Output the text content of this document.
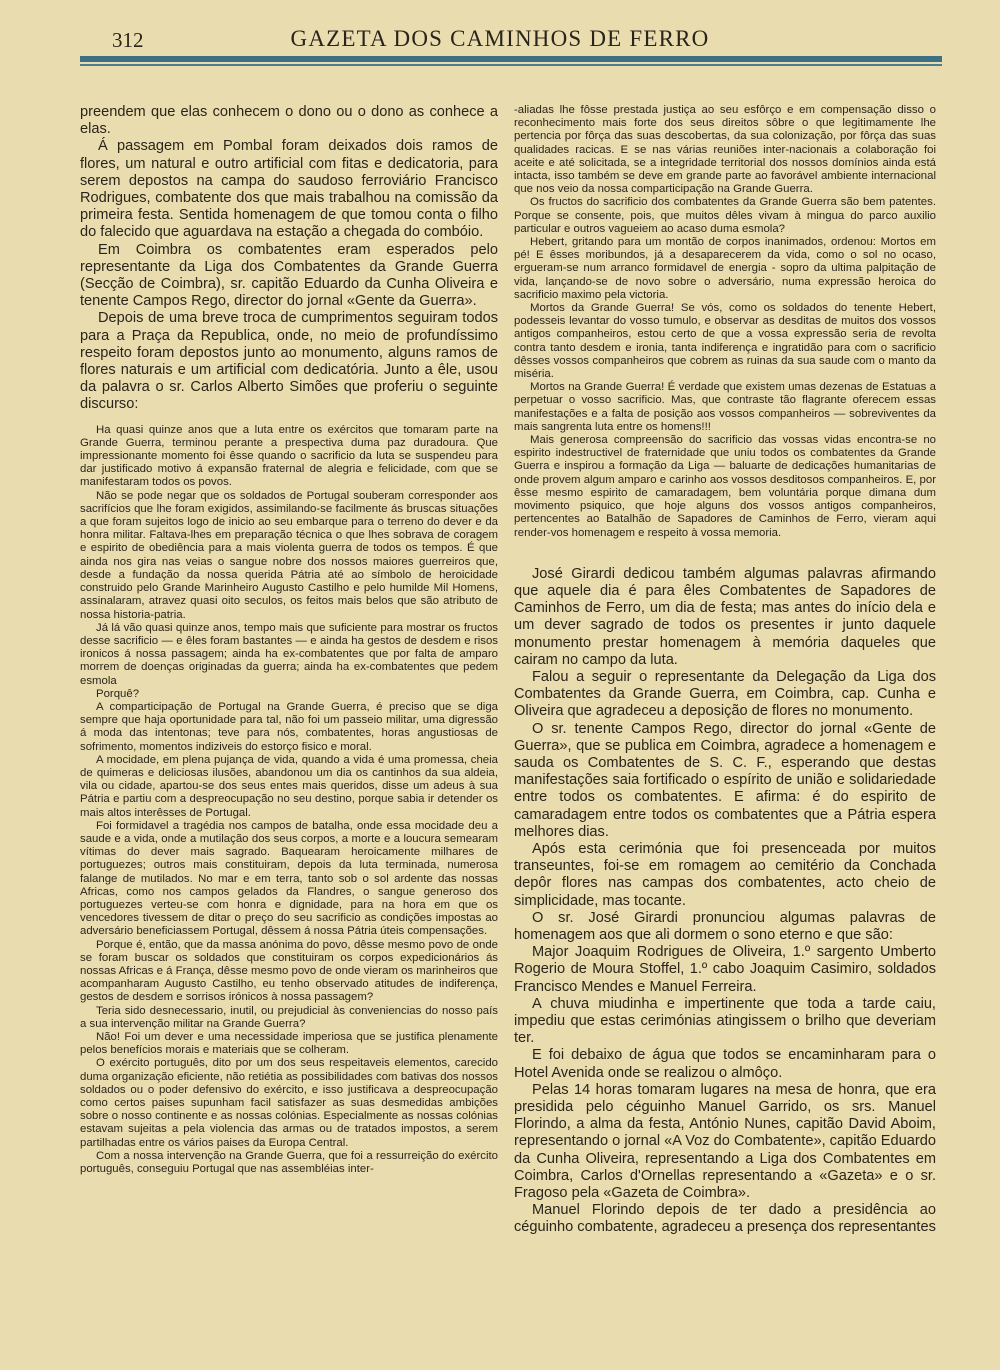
312	GAZETA DOS CAMINHOS DE FERRO

preendem que elas conhecem o dono ou o dono as conhece a elas.

Á passagem em Pombal foram deixados dois ramos de flores, um natural e outro artificial com fitas e dedicatoria, para serem depostos na campa do saudoso ferroviário Francisco Rodrigues, combatente dos que mais trabalhou na comissão da primeira festa. Sentida homenagem de que tomou conta o filho do falecido que aguardava na estação a chegada do combóio.

Em Coimbra os combatentes eram esperados pelo representante da Liga dos Combatentes da Grande Guerra (Secção de Coimbra), sr. capitão Eduardo da Cunha Oliveira e tenente Campos Rego, director do jornal «Gente da Guerra».

Depois de uma breve troca de cumprimentos seguiram todos para a Praça da Republica, onde, no meio de profundíssimo respeito foram depostos junto ao monumento, alguns ramos de flores naturais e um artificial com dedicatória. Junto a êle, usou da palavra o sr. Carlos Alberto Simões que proferiu o seguinte discurso:

Ha quasi quinze anos que a luta entre os exércitos que tomaram parte na Grande Guerra, terminou perante a prespectiva duma paz duradoura. Que impressionante momento foi êsse quando o sacrificio da luta se suspendeu para dar justificado motivo á expansão fraternal de alegria e felicidade, com que se manifestaram todos os povos.

Não se pode negar que os soldados de Portugal souberam corresponder aos sacrifícios que lhe foram exigidos, assimilando-se facilmente ás bruscas situações a que foram sujeitos logo de inicio ao seu embarque para o terreno do dever e da honra militar. Faltava-lhes em preparação técnica o que lhes sobrava de coragem e espirito de obediência para a mais violenta guerra de todos os tempos. É que ainda nos gira nas veias o sangue nobre dos nossos maiores guerreiros que, desde a fundação da nossa querida Pátria até ao símbolo de heroicidade construido pelo Grande Marinheiro Augusto Castilho e pelo humilde Mil Homens, assinalaram, atravez quasi oito seculos, os feitos mais belos que são atributo de nossa historia-patria.

Já lá vão quasi quinze anos, tempo mais que suficiente para mostrar os fructos desse sacrificio — e êles foram bastantes — e ainda ha gestos de desdem e risos ironicos á nossa passagem; ainda ha ex-combatentes que por falta de amparo morrem de doenças originadas da guerra; ainda ha ex-combatentes que pedem esmola

Porquê?

A comparticipação de Portugal na Grande Guerra, é preciso que se diga sempre que haja oportunidade para tal, não foi um passeio militar, uma digressão á moda das intentonas; teve para nós, combatentes, horas angustiosas de sofrimento, momentos indiziveis do estorço fisico e moral.

A mocidade, em plena pujança de vida, quando a vida é uma promessa, cheia de quimeras e deliciosas ilusões, abandonou um dia os cantinhos da sua aldeia, vila ou cidade, apartou-se dos seus entes mais queridos, disse um adeus à sua Pátria e partiu com a despreocupação no seu destino, porque sabia ir detender os mais altos interêsses de Portugal.

Foi formidavel a tragédia nos campos de batalha, onde essa mocidade deu a saude e a vida, onde a mutilação dos seus corpos, a morte e a loucura semearam vítimas do dever mais sagrado. Baquearam heroicamente milhares de portuguezes; outros mais constituiram, depois da luta terminada, numerosa falange de mutilados. No mar e em terra, tanto sob o sol ardente das nossas Africas, como nos campos gelados da Flandres, o sangue generoso dos portuguezes verteu-se com honra e dignidade, para na hora em que os vencedores tivessem de ditar o preço do seu sacrificio as condições impostas ao adversário beneficiassem Portugal, dêssem á nossa Pátria úteis compensações.

Porque é, então, que da massa anónima do povo, dêsse mesmo povo de onde se foram buscar os soldados que constituiram os corpos expedicionários ás nossas Africas e á França, dêsse mesmo povo de onde vieram os marinheiros que acompanharam Augusto Castilho, eu tenho observado atitudes de indiferença, gestos de desdem e sorrisos irónicos à nossa passagem?

Teria sido desnecessario, inutil, ou prejudicial às conveniencias do nosso país a sua intervenção militar na Grande Guerra?

Não! Foi um dever e uma necessidade imperiosa que se justifica plenamente pelos benefícios morais e materiais que se colheram.

O exército português, dito por um dos seus respeitaveis elementos, carecido duma organização eficiente, não retiétia as possibilidades com bativas dos nossos soldados ou o poder defensivo do exército, e isso justificava a despreocupação como certos paises supunham facil satisfazer as suas desmedidas ambições sobre o nosso continente e as nossas colónias. Especialmente as nossas colónias estavam sujeitas a pela violencia das armas ou de tratados impostos, a serem partilhadas entre os vários paises da Europa Central.

Com a nossa intervenção na Grande Guerra, que foi a ressurreição do exército português, conseguiu Portugal que nas assembléias inter-

-aliadas lhe fôsse prestada justiça ao seu esfôrço e em compensação disso o reconhecimento mais forte dos seus direitos sôbre o que legitimamente lhe pertencia por fôrça das suas descobertas, da sua colonização, por fôrça das suas qualidades racicas. E se nas várias reuniões inter-nacionais a colaboração foi aceite e até solicitada, se a integridade territorial dos nossos domínios ainda está intacta, isso também se deve em grande parte ao favorável ambiente internacional que nos veio da nossa comparticipação na Grande Guerra.

Os fructos do sacrificio dos combatentes da Grande Guerra são bem patentes. Porque se consente, pois, que muitos dêles vivam à mingua do parco auxilio particular e outros vagueiem ao acaso duma esmola?

Hebert, gritando para um montão de corpos inanimados, ordenou: Mortos em pé! E êsses moribundos, já a desaparecerem da vida, como o sol no ocaso, ergueram-se num arranco formidavel de energia - sopro da ultima palpitação de vida, lançando-se de novo sobre o adversário, numa expressão heroica do sacrificio maximo pela victoria.

Mortos da Grande Guerra! Se vós, como os soldados do tenente Hebert, podesseis levantar do vosso tumulo, e observar as desditas de muitos dos vossos antigos companheiros, estou certo de que a vossa expressão seria de revolta contra tanto desdem e ironia, tanta indiferença e ingratidão para com o sacrificio dêsses vossos companheiros que cobrem as ruinas da sua saude com o manto da miséria.

Mortos na Grande Guerra! É verdade que existem umas dezenas de Estatuas a perpetuar o vosso sacrificio. Mas, que contraste tão flagrante oferecem essas manifestações e a falta de posição aos vossos companheiros — sobreviventes da mais sangrenta luta entre os homens!!!

Mais generosa compreensão do sacrificio das vossas vidas encontra-se no espirito indestructivel de fraternidade que uniu todos os combatentes da Grande Guerra e inspirou a formação da Liga — baluarte de dedicações humanitarias de onde provem algum amparo e carinho aos vossos desditosos companheiros. E, por êsse mesmo espirito de camaradagem, bem voluntária porque dimana dum movimento psiquico, que hoje alguns dos vossos antigos companheiros, pertencentes ao Batalhão de Sapadores de Caminhos de Ferro, vieram aqui render-vos homenagem e respeito à vossa memoria.

José Girardi dedicou também algumas palavras afirmando que aquele dia é para êles Combatentes de Sapadores de Caminhos de Ferro, um dia de festa; mas antes do início dela e um dever sagrado de todos os presentes ir junto daquele monumento prestar homenagem à memória daqueles que cairam no campo da luta.

Falou a seguir o representante da Delegação da Liga dos Combatentes da Grande Guerra, em Coimbra, cap. Cunha e Oliveira que agradeceu a deposição de flores no monumento.

O sr. tenente Campos Rego, director do jornal «Gente de Guerra», que se publica em Coimbra, agradece a homenagem e sauda os Combatentes de S. C. F., esperando que destas manifestações saia fortificado o espírito de união e solidariedade entre todos os combatentes. E afirma: é do espirito de camaradagem entre todos os combatentes que a Pátria espera melhores dias.

Após esta cerimónia que foi presenceada por muitos transeuntes, foi-se em romagem ao cemitério da Conchada depôr flores nas campas dos combatentes, acto cheio de simplicidade, mas tocante.

O sr. José Girardi pronunciou algumas palavras de homenagem aos que ali dormem o sono eterno e que são:

Major Joaquim Rodrigues de Oliveira, 1.º sargento Umberto Rogerio de Moura Stoffel, 1.º cabo Joaquim Casimiro, soldados Francisco Mendes e Manuel Ferreira.

A chuva miudinha e impertinente que toda a tarde caiu, impediu que estas cerimónias atingissem o brilho que deveriam ter.

E foi debaixo de água que todos se encaminharam para o Hotel Avenida onde se realizou o almôço.

Pelas 14 horas tomaram lugares na mesa de honra, que era presidida pelo céguinho Manuel Garrido, os srs. Manuel Florindo, a alma da festa, António Nunes, capitão David Aboim, representando o jornal «A Voz do Combatente», capitão Eduardo da Cunha Oliveira, representando a Liga dos Combatentes em Coimbra, Carlos d'Ornellas representando a «Gazeta» e o sr. Fragoso pela «Gazeta de Coimbra».

Manuel Florindo depois de ter dado a presidência ao céguinho combatente, agradeceu a presença dos representantes
